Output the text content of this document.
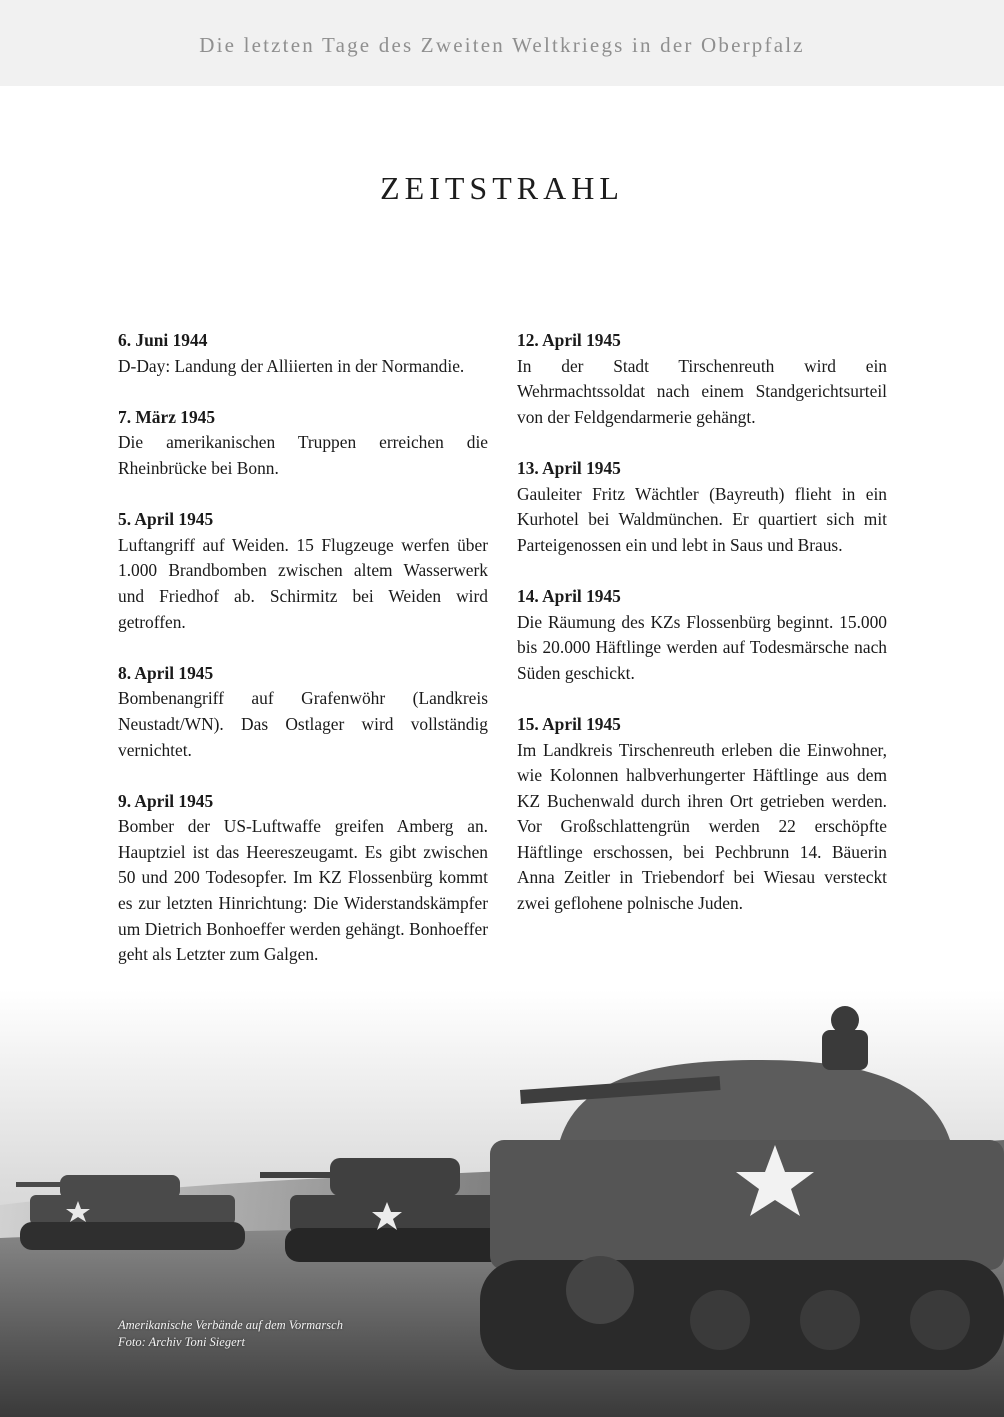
Die letzten Tage des Zweiten Weltkriegs in der Oberpfalz
ZEITSTRAHL
6. Juni 1944
D-Day: Landung der Alliierten in der Normandie.
7. März 1945
Die amerikanischen Truppen erreichen die Rheinbrücke bei Bonn.
5. April 1945
Luftangriff auf Weiden. 15 Flugzeuge werfen über 1.000 Brandbomben zwischen altem Wasserwerk und Friedhof ab. Schirmitz bei Weiden wird getroffen.
8. April 1945
Bombenangriff auf Grafenwöhr (Landkreis Neustadt/WN). Das Ostlager wird vollständig vernichtet.
9. April 1945
Bomber der US-Luftwaffe greifen Amberg an. Hauptziel ist das Heereszeugamt. Es gibt zwischen 50 und 200 Todesopfer. Im KZ Flossenbürg kommt es zur letzten Hinrichtung: Die Widerstandskämpfer um Dietrich Bonhoeffer werden gehängt. Bonhoeffer geht als Letzter zum Galgen.
12. April 1945
In der Stadt Tirschenreuth wird ein Wehrmachtssoldat nach einem Standgerichtsurteil von der Feldgendarmerie gehängt.
13. April 1945
Gauleiter Fritz Wächtler (Bayreuth) flieht in ein Kurhotel bei Waldmünchen. Er quartiert sich mit Parteigenossen ein und lebt in Saus und Braus.
14. April 1945
Die Räumung des KZs Flossenbürg beginnt. 15.000 bis 20.000 Häftlinge werden auf Todesmärsche nach Süden geschickt.
15. April 1945
Im Landkreis Tirschenreuth erleben die Einwohner, wie Kolonnen halbverhungerter Häftlinge aus dem KZ Buchenwald durch ihren Ort getrieben werden. Vor Großschlattengrün werden 22 erschöpfte Häftlinge erschossen, bei Pechbrunn 14. Bäuerin Anna Zeitler in Triebendorf bei Wiesau versteckt zwei geflohene polnische Juden.
Amerikanische Verbände auf dem Vormarsch
Foto: Archiv Toni Siegert
